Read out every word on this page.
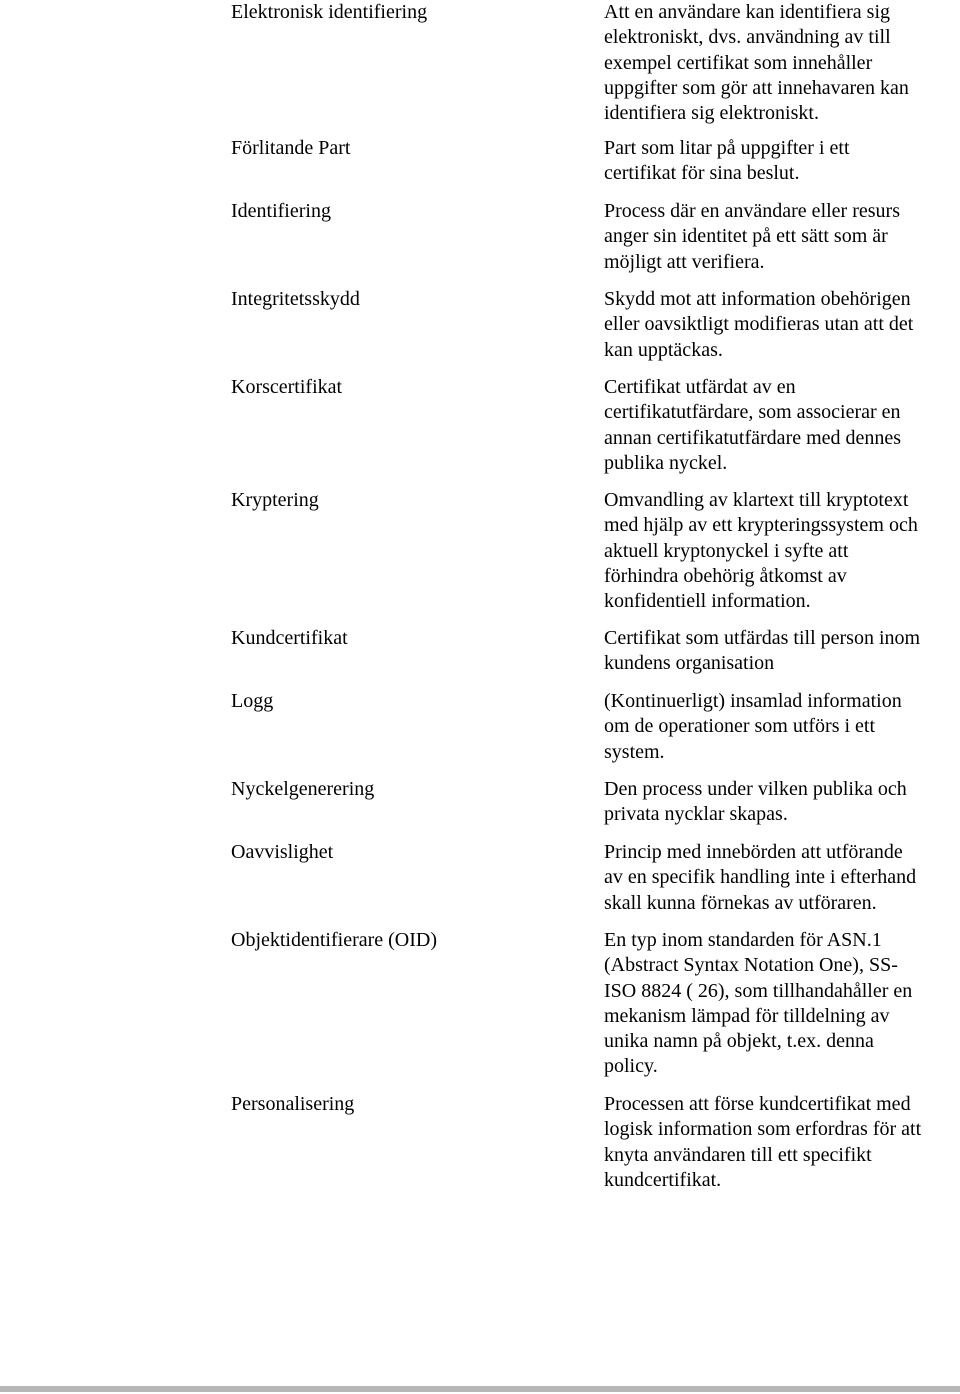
Elektronisk identifiering	Att en användare kan identifiera sig
elektroniskt, dvs. användning av till
exempel certifikat som innehåller
uppgifter som gör att innehavaren kan
identifiera sig elektroniskt.
Förlitande Part	Part som litar på uppgifter i ett
certifikat för sina beslut.
Identifiering	Process där en användare eller resurs
anger sin identitet på ett sätt som är
möjligt att verifiera.
Integritetsskydd	Skydd mot att information obehörigen
eller oavsiktligt modifieras utan att det
kan upptäckas.
Korscertifikat	Certifikat utfärdat av en
certifikatutfärdare, som associerar en
annan certifikatutfärdare med dennes
publika nyckel.
Kryptering	Omvandling av klartext till kryptotext
med hjälp av ett krypteringssystem och
aktuell kryptonyckel i syfte att
förhindra obehörig åtkomst av
konfidentiell information.
Kundcertifikat	Certifikat som utfärdas till person inom
kundens organisation
Logg	(Kontinuerligt) insamlad information
om de operationer som utförs i ett
system.
Nyckelgenerering	Den process under vilken publika och
privata nycklar skapas.
Oavvislighet	Princip med innebörden att utförande
av en specifik handling inte i efterhand
skall kunna förnekas av utföraren.
Objektidentifierare (OID)	En typ inom standarden för ASN.1
(Abstract Syntax Notation One), SS-
ISO 8824 ( 26), som tillhandahåller en
mekanism lämpad för tilldelning av
unika namn på objekt, t.ex. denna
policy.
Personalisering	Processen att förse kundcertifikat med
logisk information som erfordras för att
knyta användaren till ett specifikt
kundcertifikat.
